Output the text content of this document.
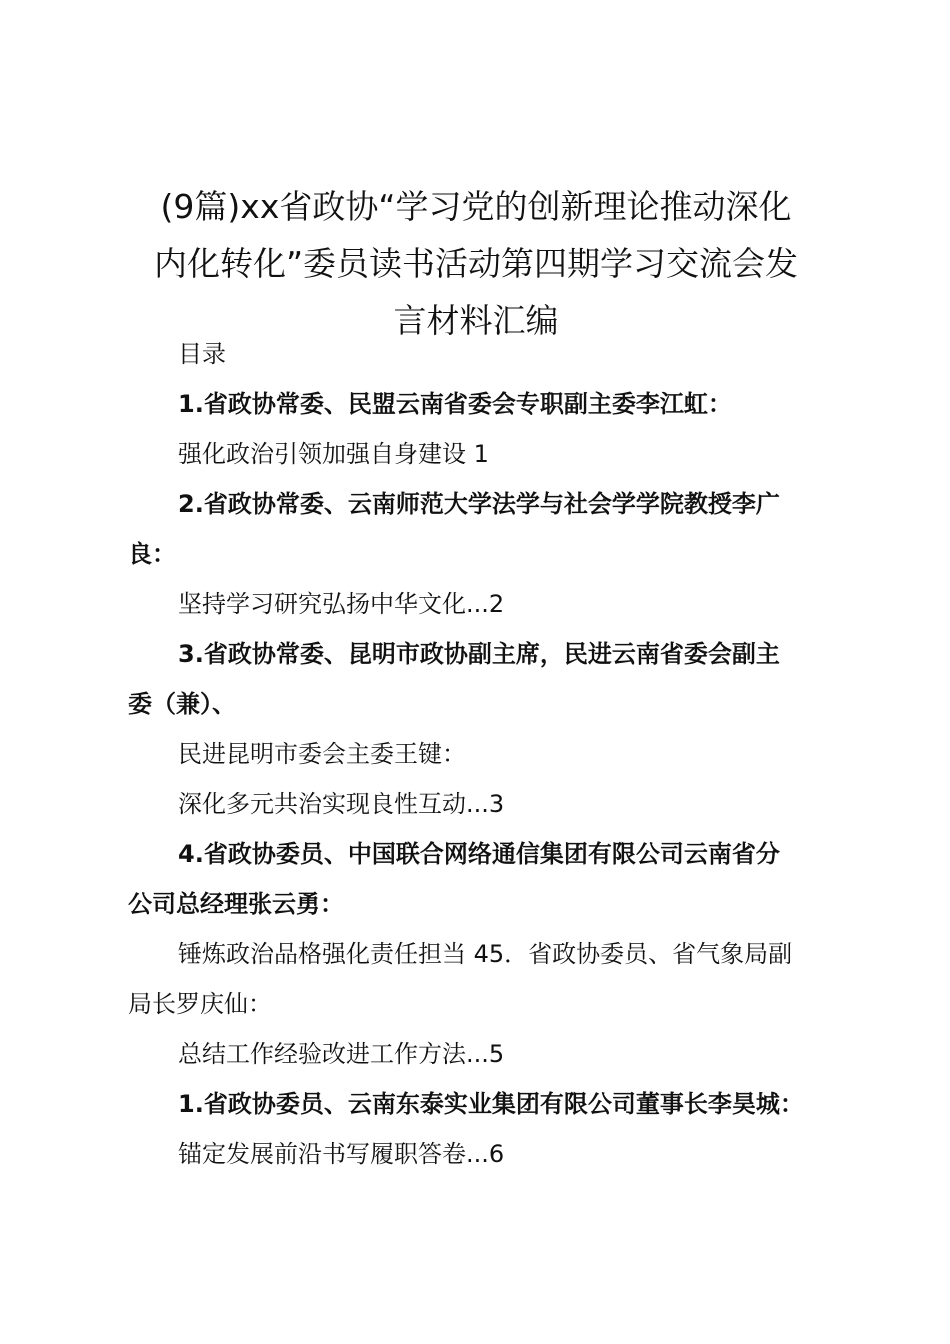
(9篇)xx省政协“学习党的创新理论推动深化
内化转化”委员读书活动第四期学习交流会发
言材料汇编

目录

1.省政协常委、民盟云南省委会专职副主委李江虹：

强化政治引领加强自身建设 1

2.省政协常委、云南师范大学法学与社会学学院教授李广

良：

坚持学习研究弘扬中华文化...2

3.省政协常委、昆明市政协副主席，民进云南省委会副主

委（兼）、

民进昆明市委会主委王键：

深化多元共治实现良性互动...3

4.省政协委员、中国联合网络通信集团有限公司云南省分

公司总经理张云勇：

锤炼政治品格强化责任担当 45．省政协委员、省气象局副

局长罗庆仙：

总结工作经验改进工作方法...5

1.省政协委员、云南东泰实业集团有限公司董事长李昊城：

锚定发展前沿书写履职答卷...6
